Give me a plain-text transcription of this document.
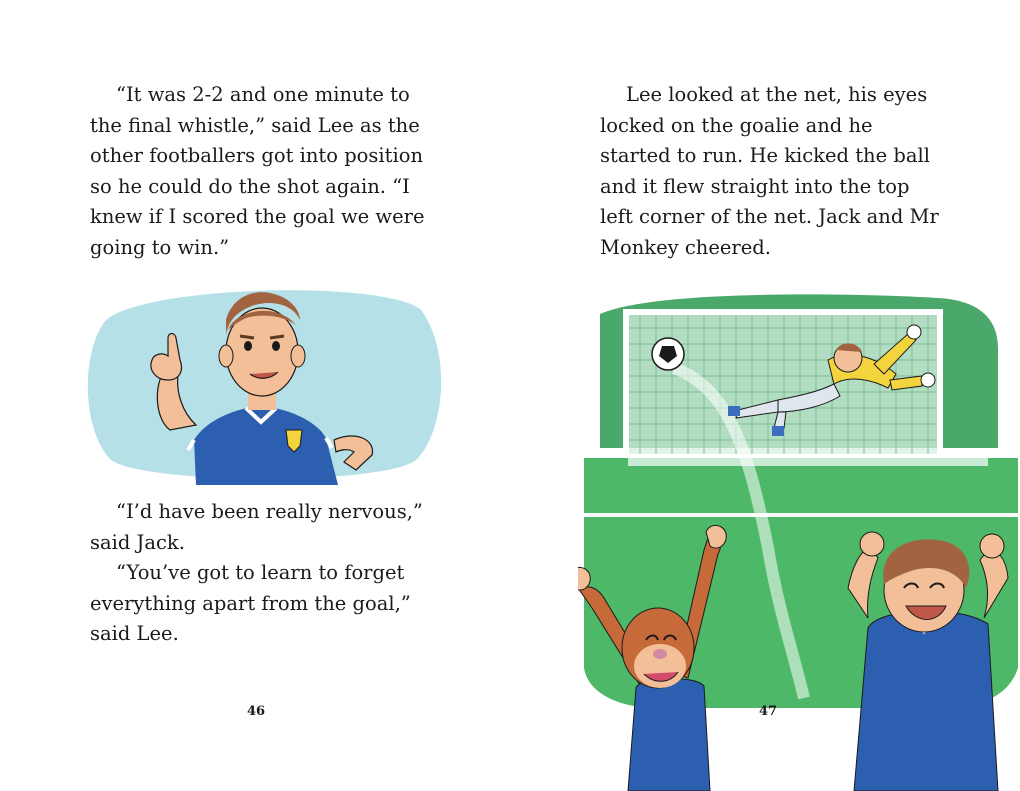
“It was 2-2 and one minute to the final whistle,” said Lee as the other footballers got into position so he could do the shot again. “I knew if I scored the goal we were going to win.”

“I’d have been really nervous,” said Jack.

“You’ve got to learn to forget everything apart from the goal,” said Lee.

46

Lee looked at the net, his eyes locked on the goalie and he started to run. He kicked the ball and it flew straight into the top left corner of the net. Jack and Mr Monkey cheered.

47
